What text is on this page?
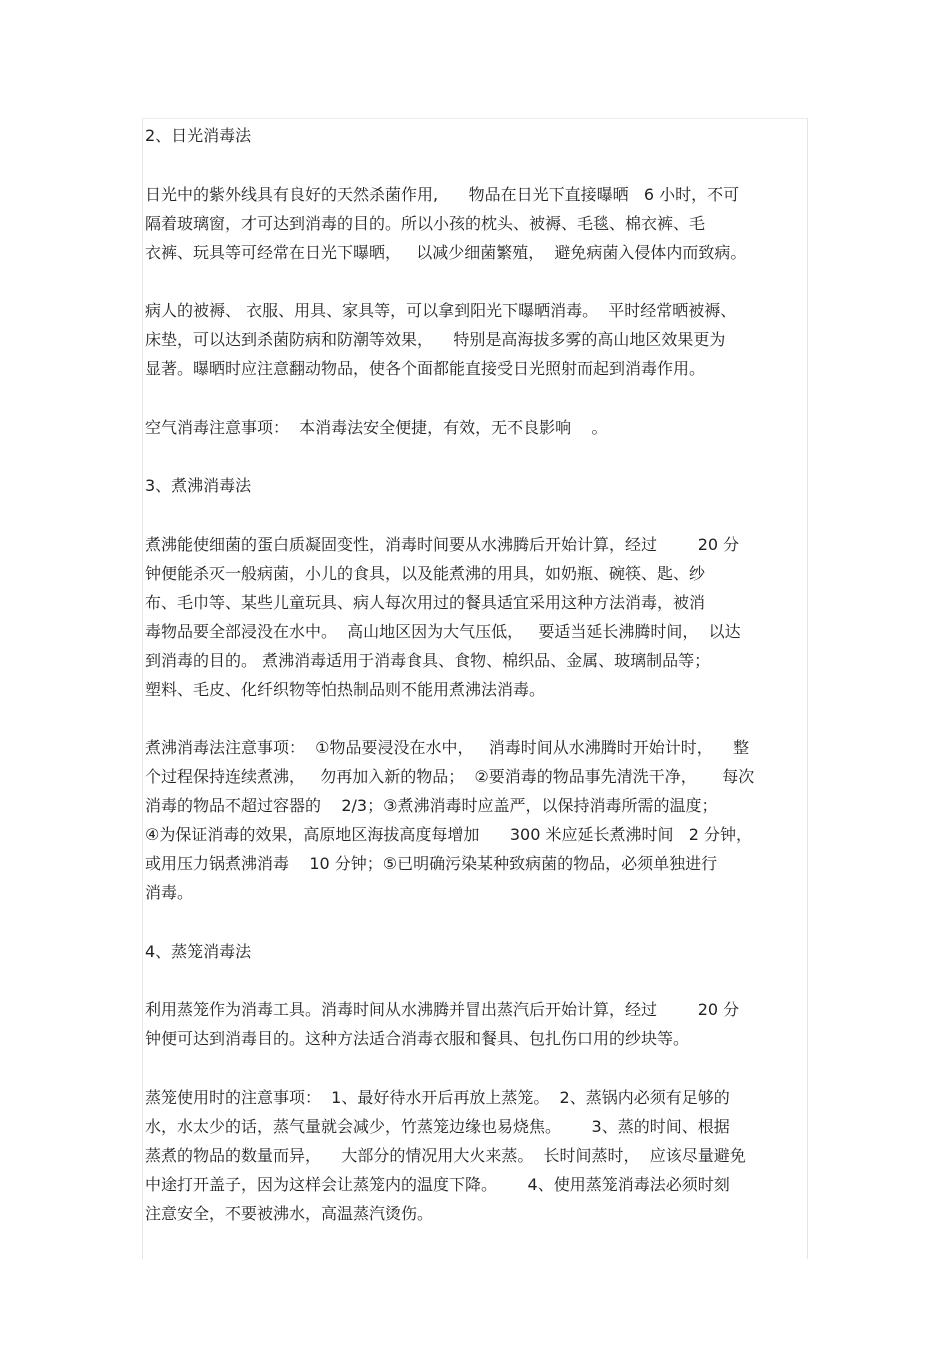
2、日光消毒法
日光中的紫外线具有良好的天然杀菌作用,      物品在日光下直接曝晒   6 小时，不可
隔着玻璃窗，才可达到消毒的目的。所以小孩的枕头、被褥、毛毯、棉衣裤、毛
衣裤、玩具等可经常在日光下曝晒，   以减少细菌繁殖，  避免病菌入侵体内而致病。
病人的被褥、 衣服、用具、家具等，可以拿到阳光下曝晒消毒。  平时经常晒被褥、
床垫，可以达到杀菌防病和防潮等效果，    特别是高海拔多雾的高山地区效果更为
显著。曝晒时应注意翻动物品，使各个面都能直接受日光照射而起到消毒作用。
空气消毒注意事项：  本消毒法安全便捷，有效，无不良影响    。
3、煮沸消毒法
煮沸能使细菌的蛋白质凝固变性，消毒时间要从水沸腾后开始计算，经过        20 分
钟便能杀灭一般病菌，小儿的食具，以及能煮沸的用具，如奶瓶、碗筷、匙、纱
布、毛巾等、某些儿童玩具、病人每次用过的餐具适宜采用这种方法消毒，被消
毒物品要全部浸没在水中。  高山地区因为大气压低，   要适当延长沸腾时间，  以达
到消毒的目的。 煮沸消毒适用于消毒食具、食物、棉织品、金属、玻璃制品等；
塑料、毛皮、化纤织物等怕热制品则不能用煮沸法消毒。
煮沸消毒法注意事项：  ①物品要浸没在水中，   消毒时间从水沸腾时开始计时，    整
个过程保持连续煮沸，   勿再加入新的物品；  ②要消毒的物品事先清洗干净，     每次
消毒的物品不超过容器的    2/3；③煮沸消毒时应盖严，以保持消毒所需的温度；
④为保证消毒的效果，高原地区海拔高度每增加      300 米应延长煮沸时间   2 分钟，
或用压力锅煮沸消毒    10 分钟；⑤已明确污染某种致病菌的物品，必须单独进行
消毒。
4、蒸笼消毒法
利用蒸笼作为消毒工具。消毒时间从水沸腾并冒出蒸汽后开始计算，经过        20 分
钟便可达到消毒目的。这种方法适合消毒衣服和餐具、包扎伤口用的纱块等。
蒸笼使用时的注意事项：  1、最好待水开后再放上蒸笼。  2、蒸锅内必须有足够的
水，水太少的话，蒸气量就会减少，竹蒸笼边缘也易烧焦。      3、蒸的时间、根据
蒸煮的物品的数量而异，    大部分的情况用大火来蒸。  长时间蒸时，  应该尽量避免
中途打开盖子，因为这样会让蒸笼内的温度下降。      4、使用蒸笼消毒法必须时刻
注意安全，不要被沸水，高温蒸汽烫伤。
